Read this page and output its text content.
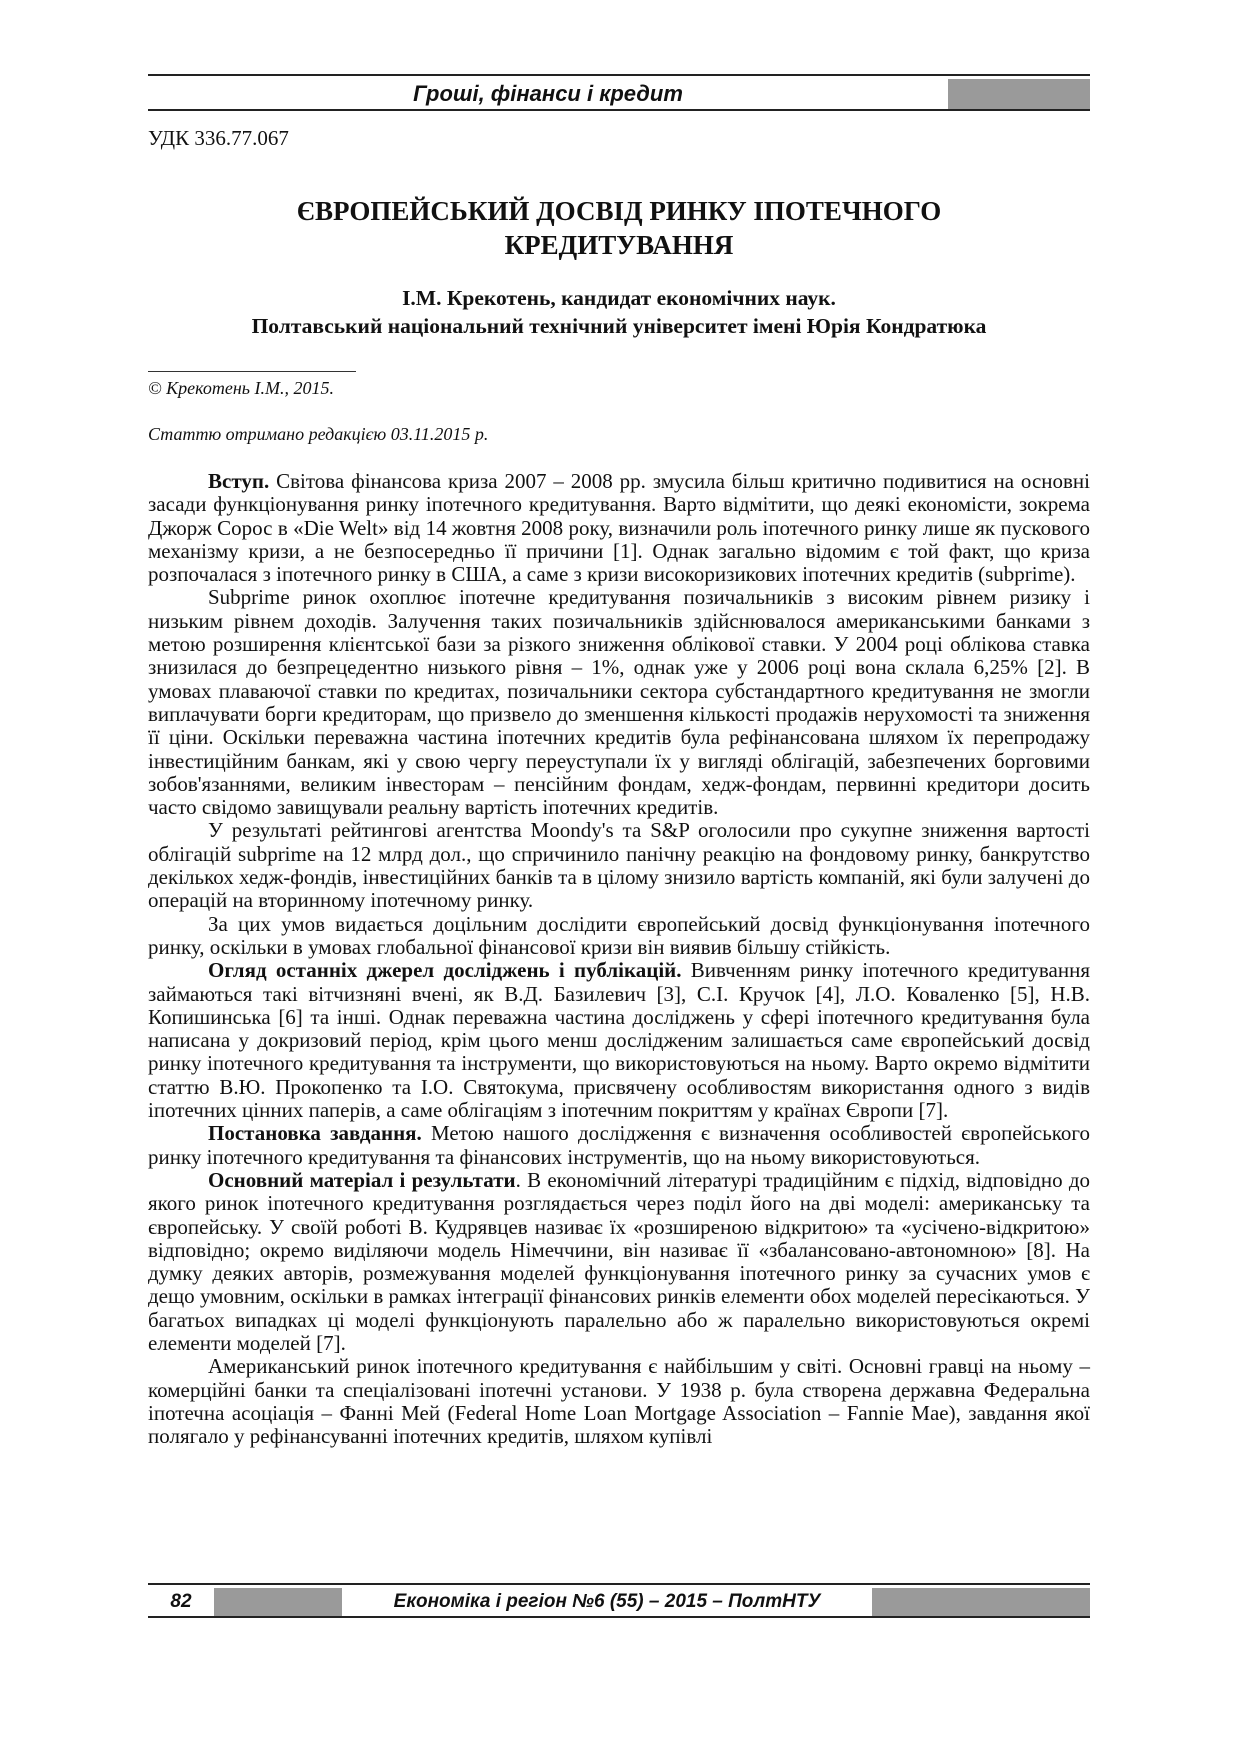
Гроші, фінанси і кредит
УДК 336.77.067
ЄВРОПЕЙСЬКИЙ ДОСВІД РИНКУ ІПОТЕЧНОГО
КРЕДИТУВАННЯ
І.М. Крекотень, кандидат економічних наук.
Полтавський національний технічний університет імені Юрія Кондратюка
© Крекотень І.М., 2015.
Статтю отримано редакцією 03.11.2015 р.

Вступ. Світова фінансова криза 2007 – 2008 рр. змусила більш критично подивитися на основні засади функціонування ринку іпотечного кредитування. Варто відмітити, що деякі економісти, зокрема Джорж Сорос в «Die Welt» від 14 жовтня 2008 року, визначили роль іпотечного ринку лише як пускового механізму кризи, а не безпосередньо її причини [1]. Однак загально відомим є той факт, що криза розпочалася з іпотечного ринку в США, а саме з кризи високоризикових іпотечних кредитів (subprime).

Subprime ринок охоплює іпотечне кредитування позичальників з високим рівнем ризику і низьким рівнем доходів. Залучення таких позичальників здійснювалося американськими банками з метою розширення клієнтської бази за різкого зниження облікової ставки. У 2004 році облікова ставка знизилася до безпрецедентно низького рівня – 1%, однак уже у 2006 році вона склала 6,25% [2]. В умовах плаваючої ставки по кредитах, позичальники сектора субстандартного кредитування не змогли виплачувати борги кредиторам, що призвело до зменшення кількості продажів нерухомості та зниження її ціни. Оскільки переважна частина іпотечних кредитів була рефінансована шляхом їх перепродажу інвестиційним банкам, які у свою чергу переуступали їх у вигляді облігацій, забезпечених борговими зобов'язаннями, великим інвесторам – пенсійним фондам, хедж-фондам, первинні кредитори досить часто свідомо завищували реальну вартість іпотечних кредитів.

У результаті рейтингові агентства Moondy's та S&P оголосили про сукупне зниження вартості облігацій subprime на 12 млрд дол., що спричинило панічну реакцію на фондовому ринку, банкрутство декількох хедж-фондів, інвестиційних банків та в цілому знизило вартість компаній, які були залучені до операцій на вторинному іпотечному ринку.

За цих умов видається доцільним дослідити європейський досвід функціонування іпотечного ринку, оскільки в умовах глобальної фінансової кризи він виявив більшу стійкість.

Огляд останніх джерел досліджень і публікацій. Вивченням ринку іпотечного кредитування займаються такі вітчизняні вчені, як В.Д. Базилевич [3], С.І. Кручок [4], Л.О. Коваленко [5], Н.В. Копишинська [6] та інші. Однак переважна частина досліджень у сфері іпотечного кредитування була написана у докризовий період, крім цього менш дослідженим залишається саме європейський досвід ринку іпотечного кредитування та інструменти, що використовуються на ньому. Варто окремо відмітити статтю В.Ю. Прокопенко та І.О. Святокума, присвячену особливостям використання одного з видів іпотечних цінних паперів, а саме облігаціям з іпотечним покриттям у країнах Європи [7].

Постановка завдання. Метою нашого дослідження є визначення особливостей європейського ринку іпотечного кредитування та фінансових інструментів, що на ньому використовуються.

Основний матеріал і результати. В економічний літературі традиційним є підхід, відповідно до якого ринок іпотечного кредитування розглядається через поділ його на дві моделі: американську та європейську. У своїй роботі В. Кудрявцев називає їх «розширеною відкритою» та «усічено-відкритою» відповідно; окремо виділяючи модель Німеччини, він називає її «збалансовано-автономною» [8]. На думку деяких авторів, розмежування моделей функціонування іпотечного ринку за сучасних умов є дещо умовним, оскільки в рамках інтеграції фінансових ринків елементи обох моделей пересікаються. У багатьох випадках ці моделі функціонують паралельно або ж паралельно використовуються окремі елементи моделей [7].

Американський ринок іпотечного кредитування є найбільшим у світі. Основні гравці на ньому – комерційні банки та спеціалізовані іпотечні установи. У 1938 р. була створена державна Федеральна іпотечна асоціація – Фанні Мей (Federal Home Loan Mortgage Association – Fannie Mae), завдання якої полягало у рефінансуванні іпотечних кредитів, шляхом купівлі

82	Економіка і регіон №6 (55) – 2015 – ПолтНТУ
